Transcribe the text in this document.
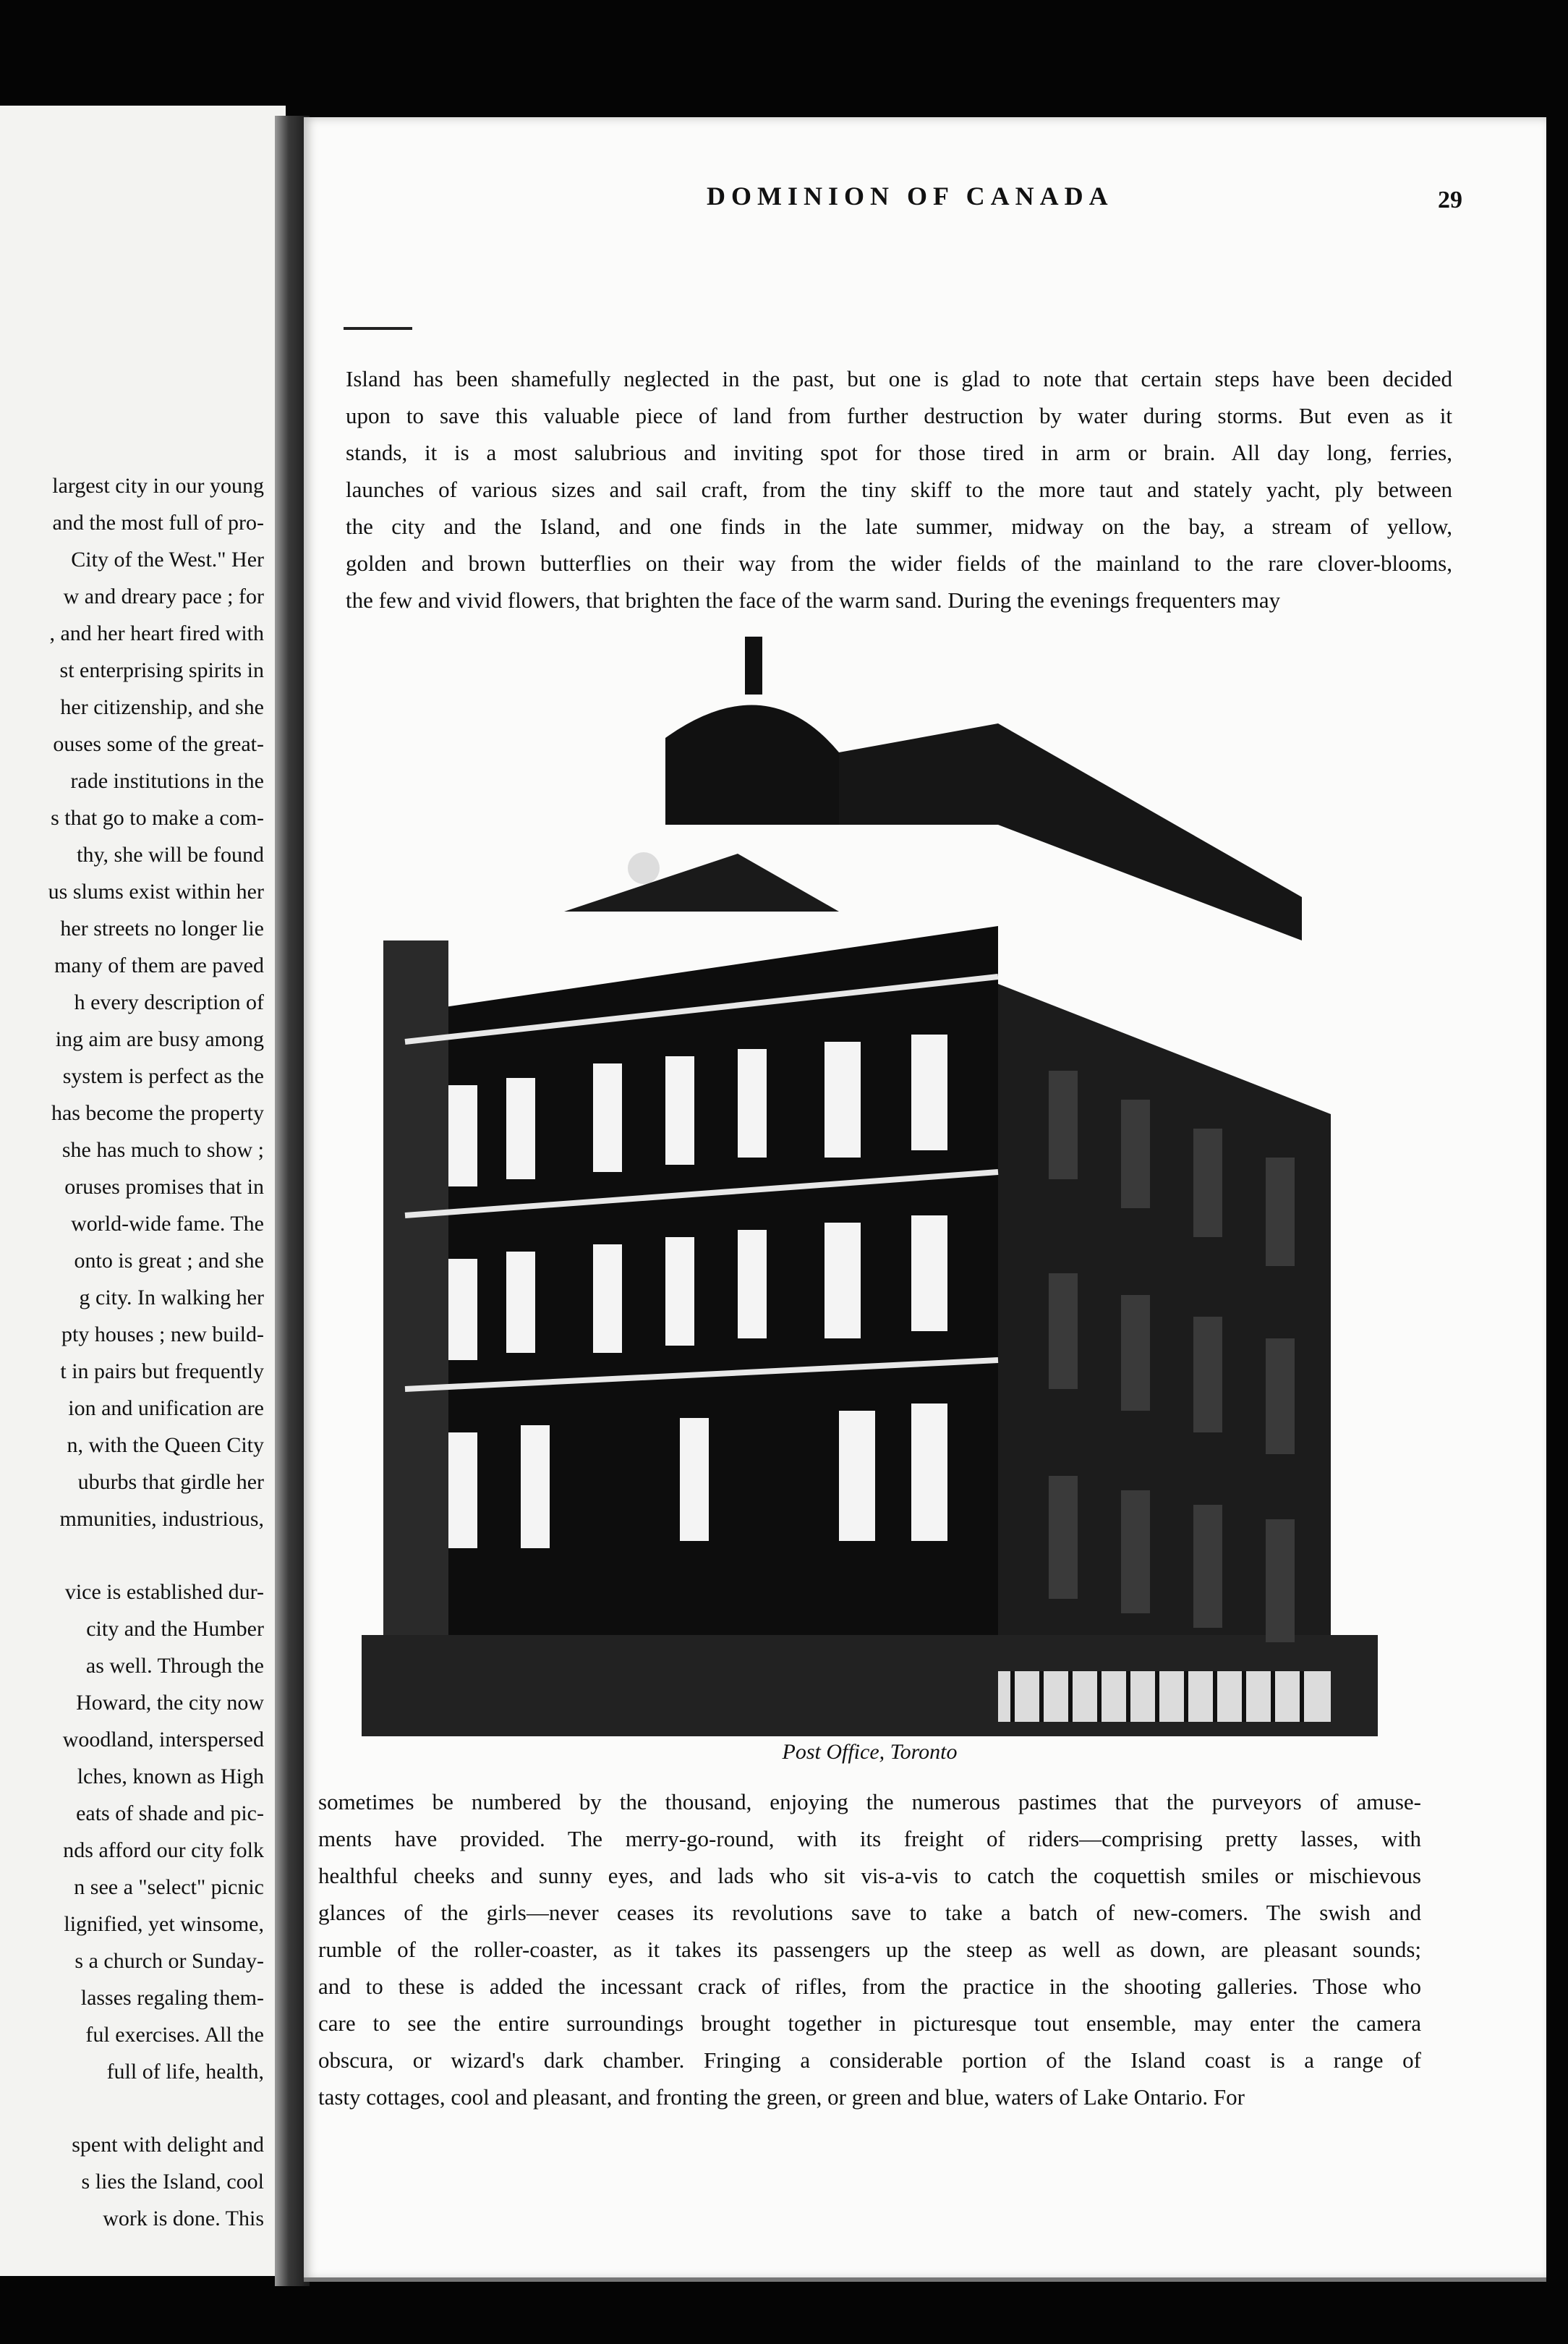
largest city in our young
and the most full of pro-
City of the West." Her
w and dreary pace ; for
, and her heart fired with
st enterprising spirits in
her citizenship, and she
ouses some of the great-
rade institutions in the
s that go to make a com-
thy, she will be found
us slums exist within her
her streets no longer lie
many of them are paved
h every description of
ing aim are busy among
system is perfect as the
has become the property
she has much to show ;
oruses promises that in
world-wide fame. The
onto is great ; and she
g city. In walking her
pty houses ; new build-
t in pairs but frequently
ion and unification are
n, with the Queen City
uburbs that girdle her
mmunities, industrious,
vice is established dur-
city and the Humber
as well. Through the
Howard, the city now
woodland, interspersed
lches, known as High
eats of shade and pic-
nds afford our city folk
n see a "select" picnic
lignified, yet winsome,
s a church or Sunday-
lasses regaling them-
ful exercises. All the
full of life, health,
spent with delight and
s lies the Island, cool
work is done. This
DOMINION OF CANADA	29
Island has been shamefully neglected in the past, but one is glad to note that certain steps have been decided
upon to save this valuable piece of land from further destruction by water during storms. But even as it
stands, it is a most salubrious and inviting spot for those tired in arm or brain. All day long, ferries,
launches of various sizes and sail craft, from the tiny skiff to the more taut and stately yacht, ply between
the city and the Island, and one finds in the late summer, midway on the bay, a stream of yellow,
golden and brown butterflies on their way from the wider fields of the mainland to the rare clover-blooms,
the few and vivid flowers, that brighten the face of the warm sand. During the evenings frequenters may
Post Office, Toronto
sometimes be numbered by the thousand, enjoying the numerous pastimes that the purveyors of amuse-
ments have provided. The merry-go-round, with its freight of riders—comprising pretty lasses, with
healthful cheeks and sunny eyes, and lads who sit vis-a-vis to catch the coquettish smiles or mischievous
glances of the girls—never ceases its revolutions save to take a batch of new-comers. The swish and
rumble of the roller-coaster, as it takes its passengers up the steep as well as down, are pleasant sounds;
and to these is added the incessant crack of rifles, from the practice in the shooting galleries. Those who
care to see the entire surroundings brought together in picturesque tout ensemble, may enter the camera
obscura, or wizard's dark chamber. Fringing a considerable portion of the Island coast is a range of
tasty cottages, cool and pleasant, and fronting the green, or green and blue, waters of Lake Ontario. For
